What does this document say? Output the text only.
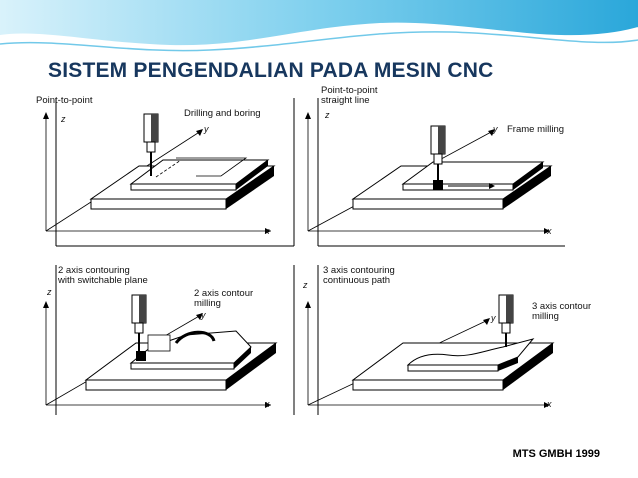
SISTEM PENGENDALIAN PADA MESIN CNC
Point-to-point
Drilling and boring
z
y
x
Point-to-point
straight line
Frame milling
z
y
x
2 axis contouring
with switchable plane
2 axis contour
milling
z
y
x
3 axis contouring
continuous path
3 axis contour
milling
z
y
x
MTS GMBH 1999
